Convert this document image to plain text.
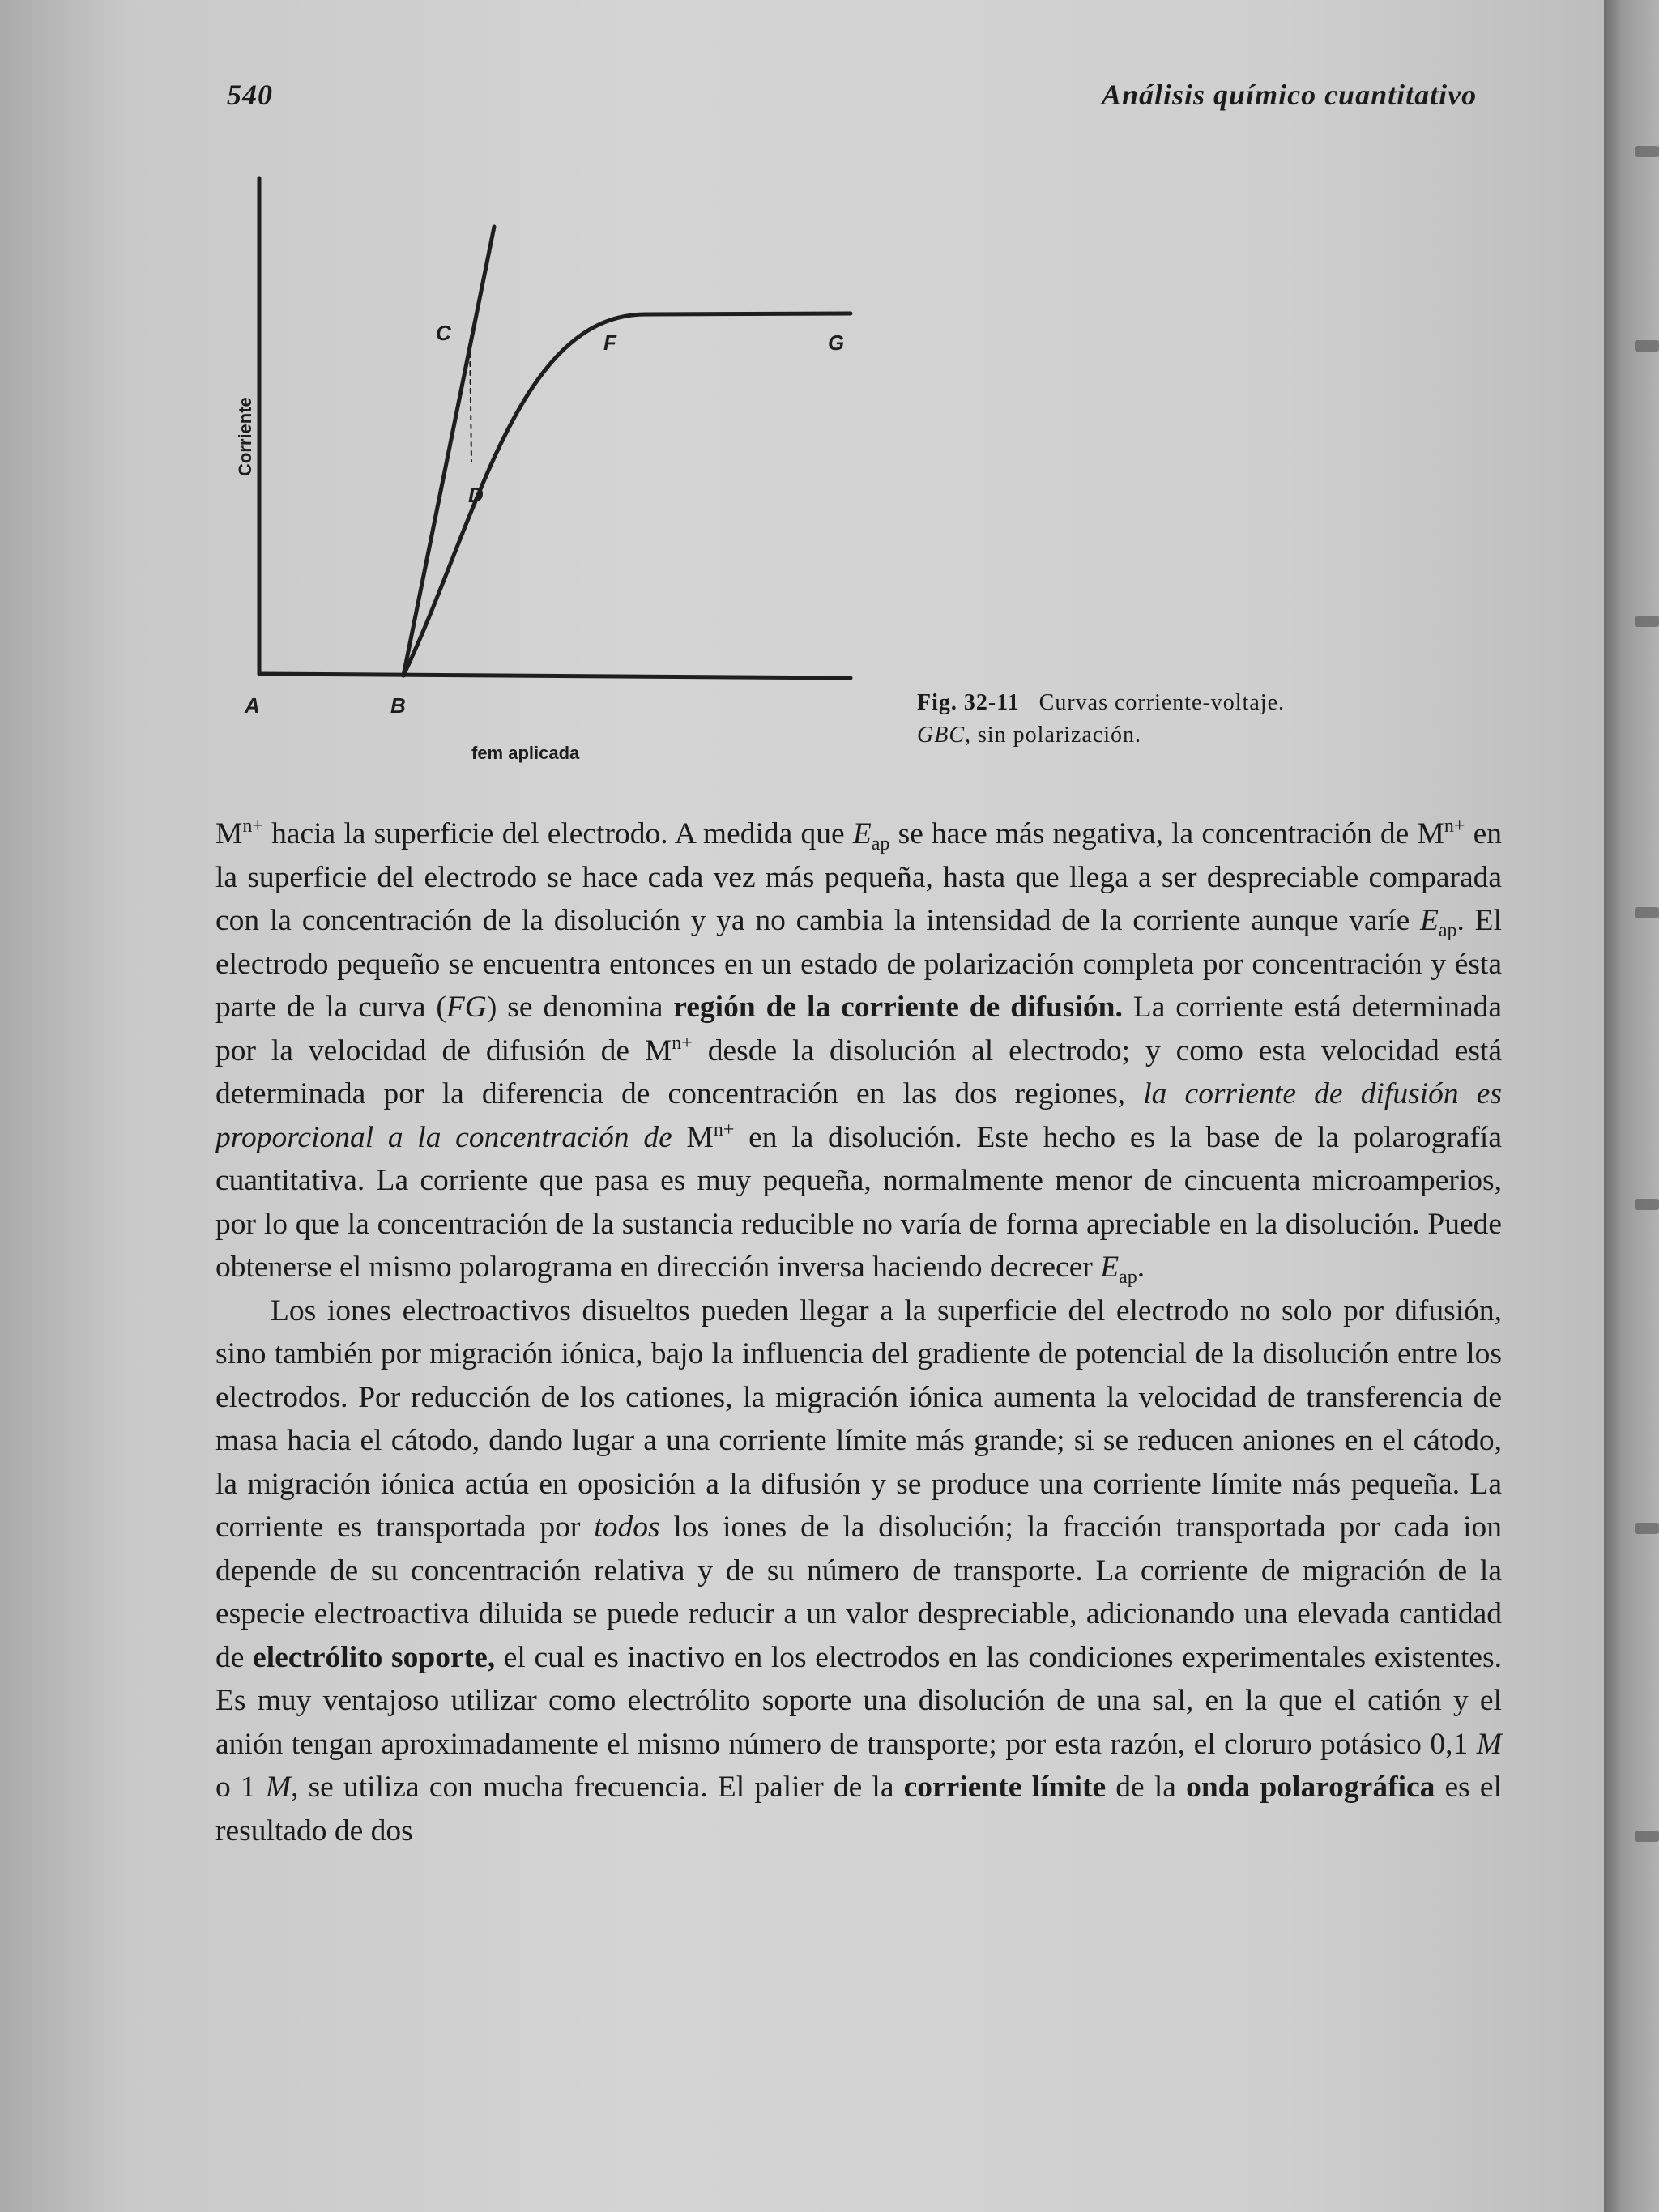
540	Análisis químico cuantitativo
A	B
C
D
F	G
fem aplicada
Corriente
Fig. 32-11 Curvas corriente-voltaje.
GBC, sin polarización.

$M^{n+}$ hacia la superficie del electrodo. A medida que $E_{ap}$ se hace más negativa, la concentración de $M^{n+}$ en la superficie del electrodo se hace cada vez más pequeña, hasta que llega a ser despreciable comparada con la concentración de la disolución y ya no cambia la intensidad de la corriente aunque varíe $E_{ap}$. El electrodo pequeño se encuentra entonces en un estado de polarización completa por concentración y ésta parte de la curva (FG) se denomina región de la corriente de difusión. La corriente está determinada por la velocidad de difusión de $M^{n+}$ desde la disolución al electrodo; y como esta velocidad está determinada por la diferencia de concentración en las dos regiones, la corriente de difusión es proporcional a la concentración de $M^{n+}$ en la disolución. Este hecho es la base de la polarografía cuantitativa. La corriente que pasa es muy pequeña, normalmente menor de cincuenta microamperios, por lo que la concentración de la sustancia reducible no varía de forma apreciable en la disolución. Puede obtenerse el mismo polarograma en dirección inversa haciendo decrecer $E_{ap}$.

Los iones electroactivos disueltos pueden llegar a la superficie del electrodo no solo por difusión, sino también por migración iónica, bajo la influencia del gradiente de potencial de la disolución entre los electrodos. Por reducción de los cationes, la migración iónica aumenta la velocidad de transferencia de masa hacia el cátodo, dando lugar a una corriente límite más grande; si se reducen aniones en el cátodo, la migración iónica actúa en oposición a la difusión y se produce una corriente límite más pequeña. La corriente es transportada por todos los iones de la disolución; la fracción transportada por cada ion depende de su concentración relativa y de su número de transporte. La corriente de migración de la especie electroactiva diluida se puede reducir a un valor despreciable, adicionando una elevada cantidad de electrólito soporte, el cual es inactivo en los electrodos en las condiciones experimentales existentes. Es muy ventajoso utilizar como electrólito soporte una disolución de una sal, en la que el catión y el anión tengan aproximadamente el mismo número de transporte; por esta razón, el cloruro potásico 0,1 M o 1 M, se utiliza con mucha frecuencia. El palier de la corriente límite de la onda polarográfica es el resultado de dos
